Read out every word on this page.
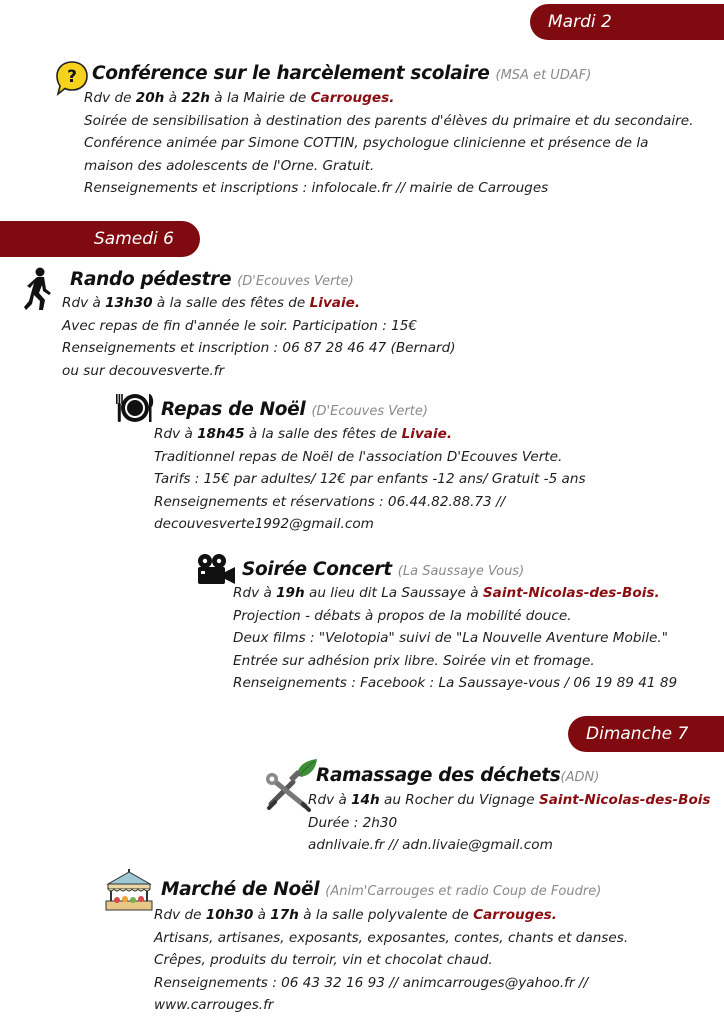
Mardi 2
Samedi 6
Dimanche 7
? Conférence sur le harcèlement scolaire (MSA et UDAF)
Rdv de 20h à 22h à la Mairie de Carrouges.
Soirée de sensibilisation à destination des parents d'élèves du primaire et du secondaire.
Conférence animée par Simone COTTIN, psychologue clinicienne et présence de la
maison des adolescents de l'Orne. Gratuit.
Renseignements et inscriptions : infolocale.fr // mairie de Carrouges
Rando pédestre (D'Ecouves Verte)
Rdv à 13h30 à la salle des fêtes de Livaie.
Avec repas de fin d'année le soir. Participation : 15€
Renseignements et inscription : 06 87 28 46 47 (Bernard)
ou sur decouvesverte.fr
Repas de Noël (D'Ecouves Verte)
Rdv à 18h45 à la salle des fêtes de Livaie.
Traditionnel repas de Noël de l'association D'Ecouves Verte.
Tarifs : 15€ par adultes/ 12€ par enfants -12 ans/ Gratuit -5 ans
Renseignements et réservations : 06.44.82.88.73 //
decouvesverte1992@gmail.com
Soirée Concert (La Saussaye Vous)
Rdv à 19h au lieu dit La Saussaye à Saint-Nicolas-des-Bois.
Projection - débats à propos de la mobilité douce.
Deux films : "Velotopia" suivi de "La Nouvelle Aventure Mobile."
Entrée sur adhésion prix libre. Soirée vin et fromage.
Renseignements : Facebook : La Saussaye-vous / 06 19 89 41 89
Ramassage des déchets(ADN)
Rdv à 14h au Rocher du Vignage Saint-Nicolas-des-Bois
Durée : 2h30
adnlivaie.fr // adn.livaie@gmail.com
Marché de Noël (Anim'Carrouges et radio Coup de Foudre)
Rdv de 10h30 à 17h à la salle polyvalente de Carrouges.
Artisans, artisanes, exposants, exposantes, contes, chants et danses.
Crêpes, produits du terroir, vin et chocolat chaud.
Renseignements : 06 43 32 16 93 // animcarrouges@yahoo.fr //
www.carrouges.fr
